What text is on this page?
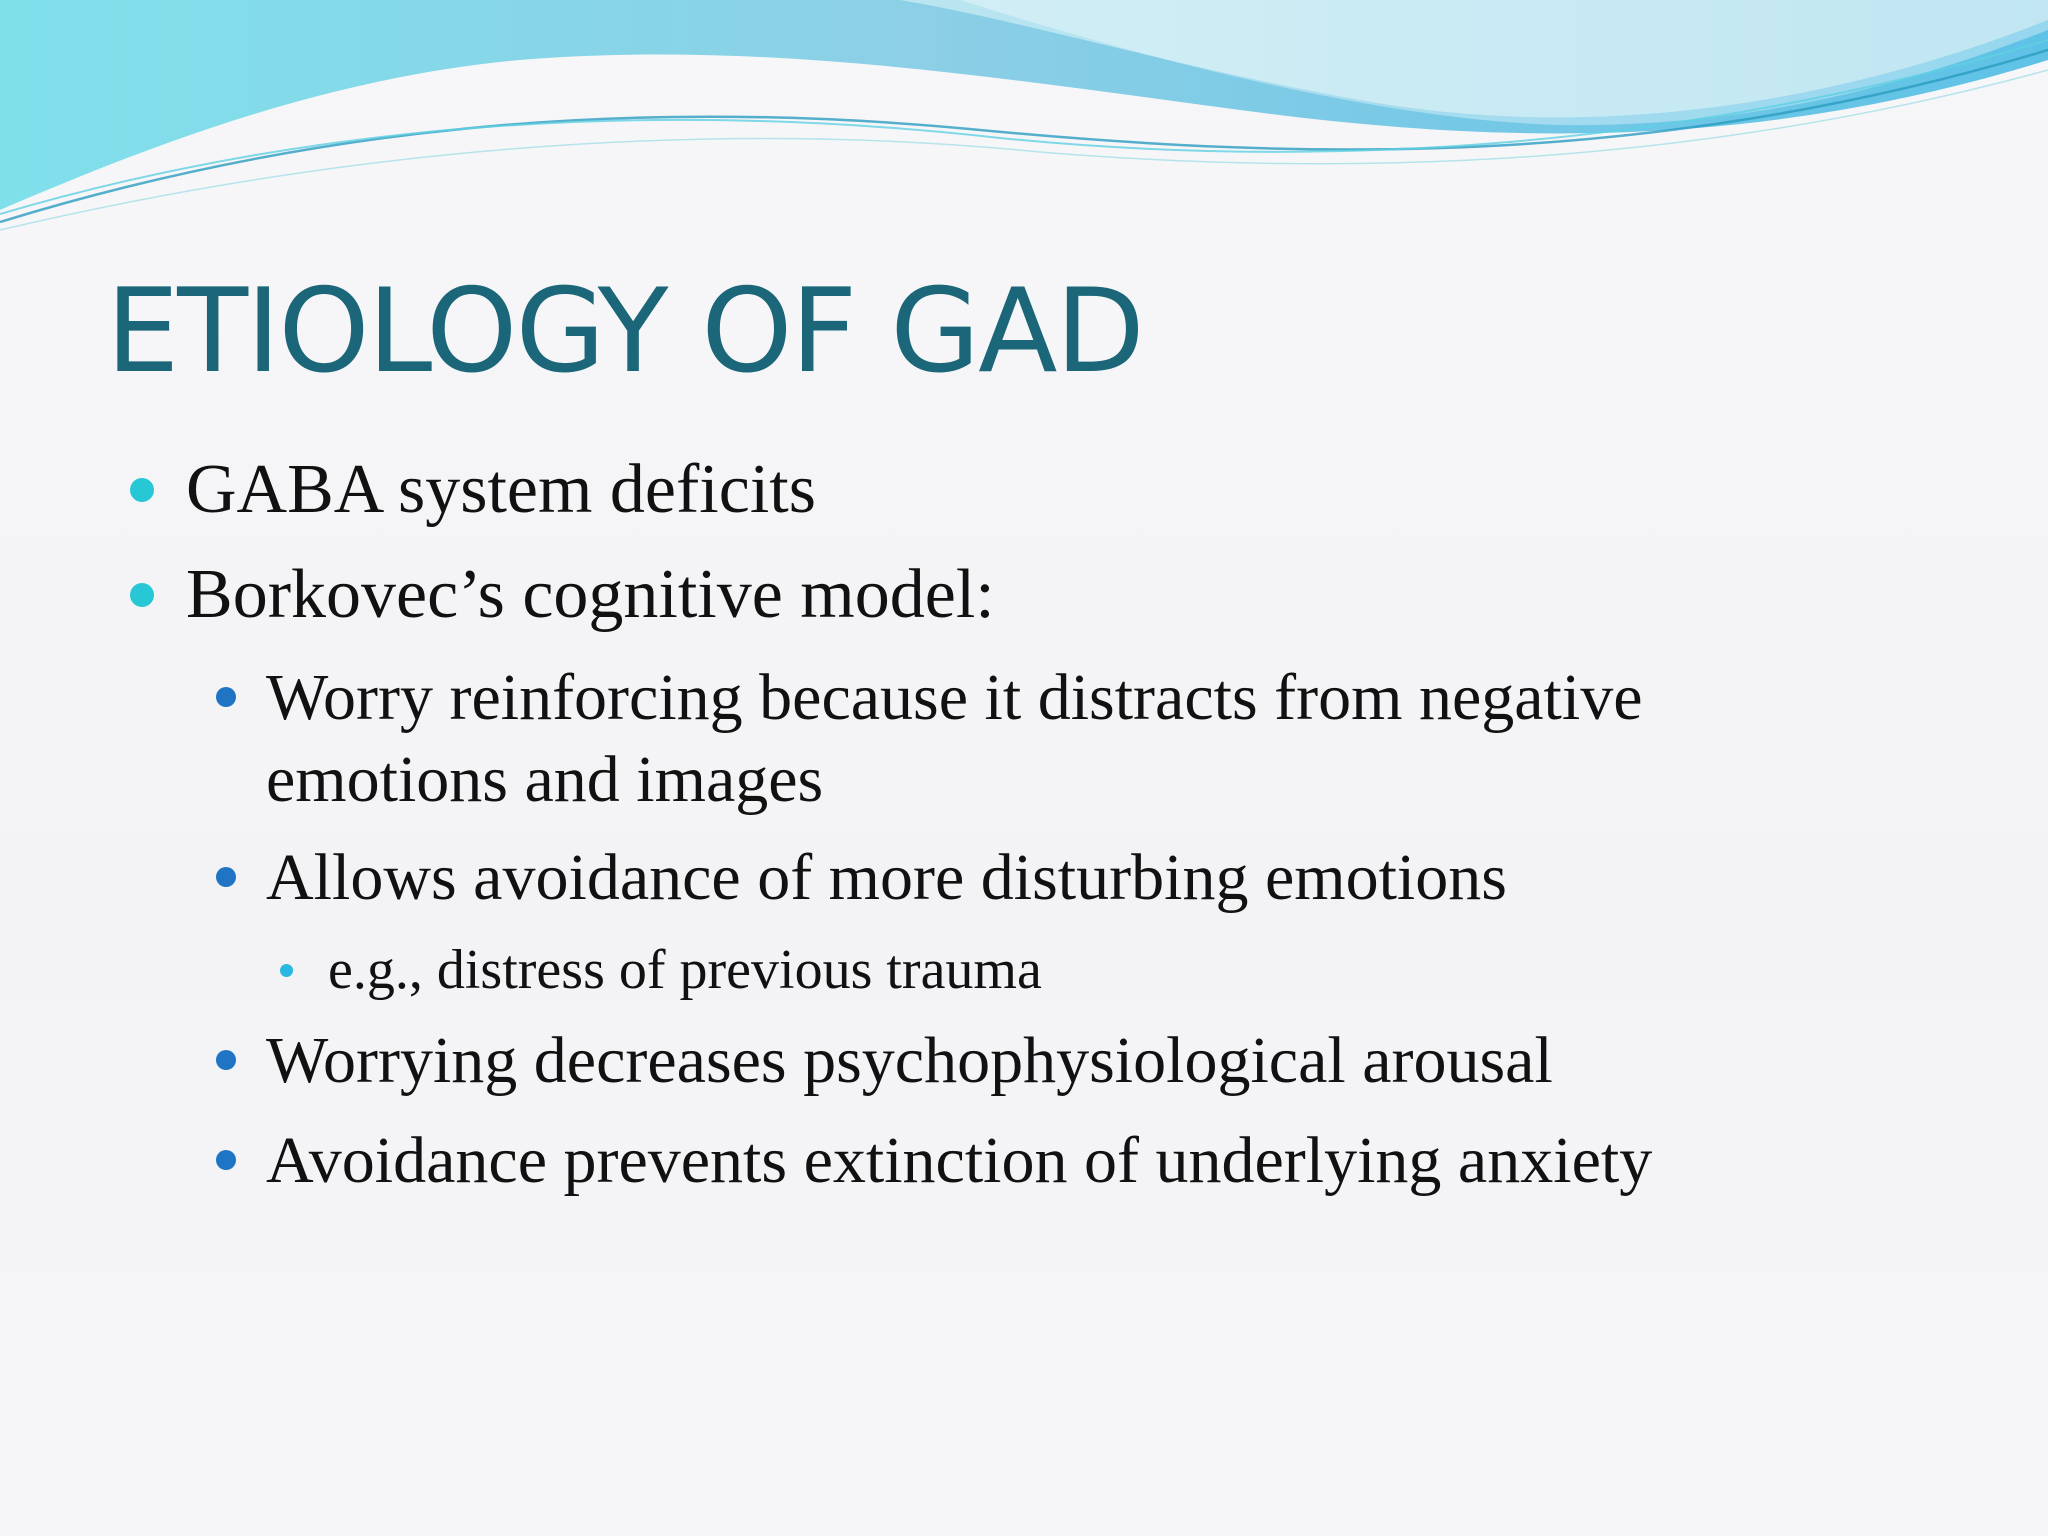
ETIOLOGY OF GAD
GABA system deficits
Borkovec’s cognitive model:
Worry reinforcing because it distracts from negative
emotions and images
Allows avoidance of more disturbing emotions
e.g., distress of previous trauma
Worrying decreases psychophysiological arousal
Avoidance prevents extinction of underlying anxiety
